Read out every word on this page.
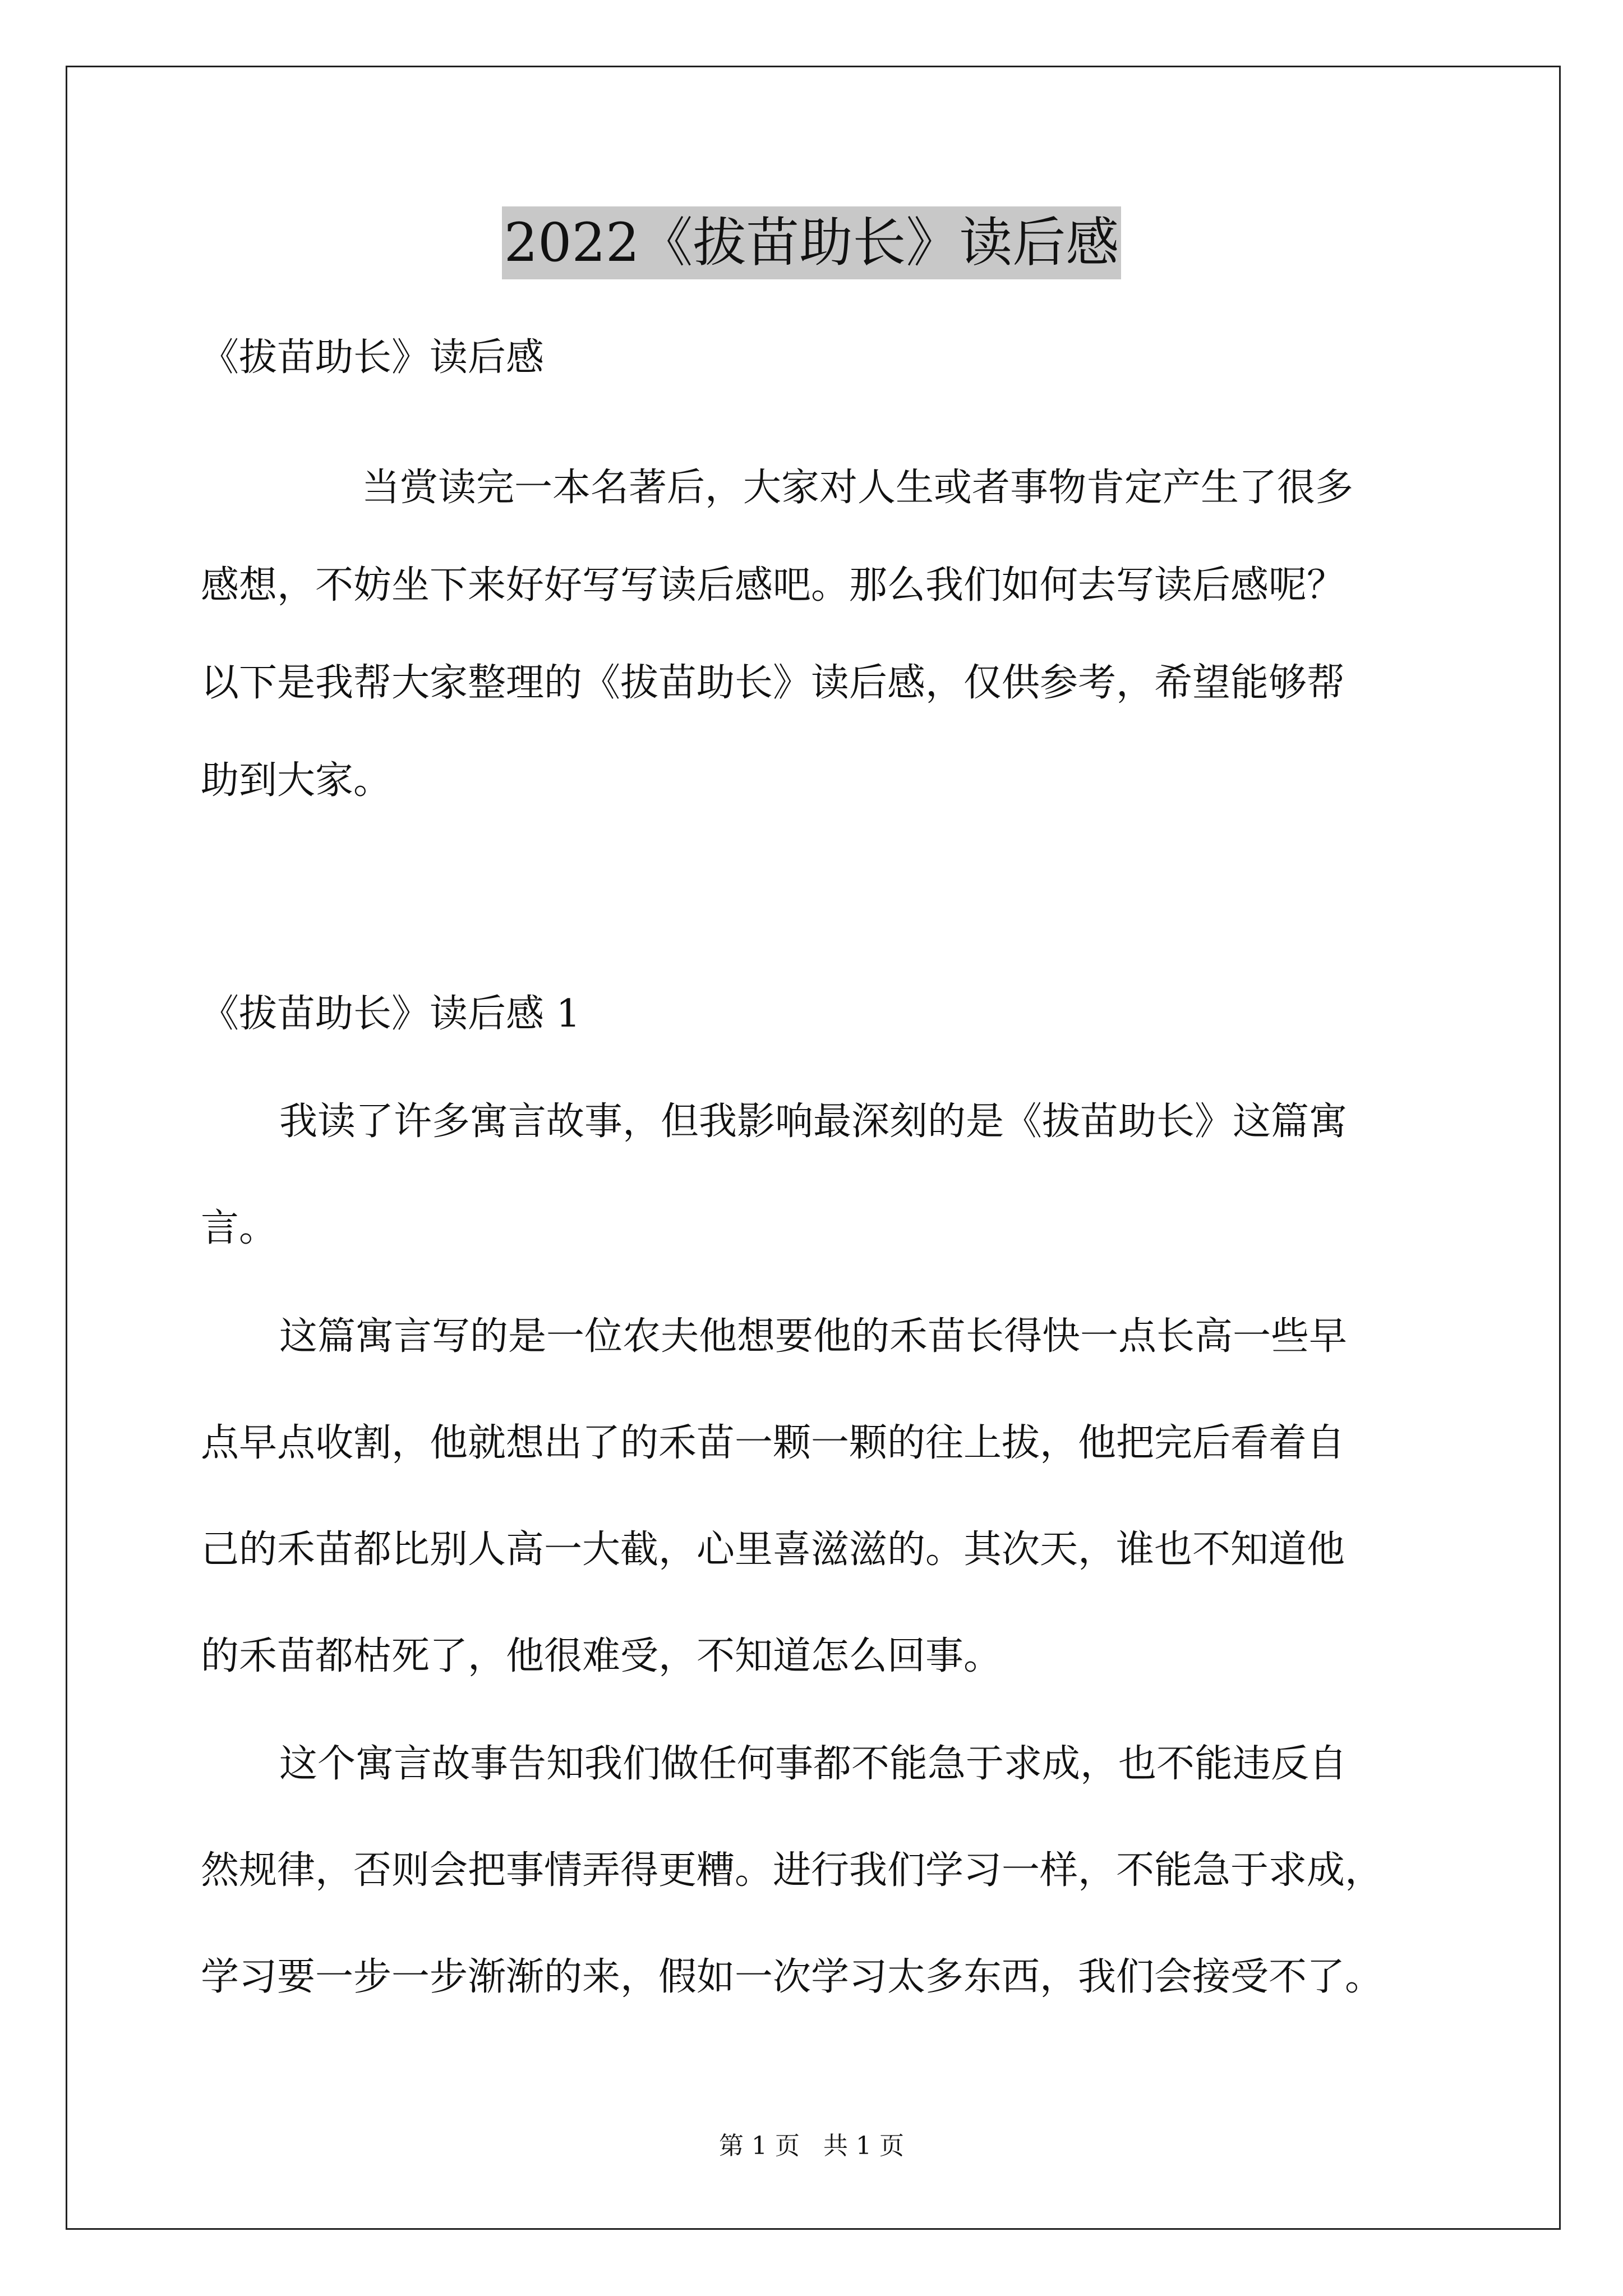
2022《拔苗助长》读后感
《拔苗助长》读后感
当赏读完一本名著后，大家对人生或者事物肯定产生了很多
感想，不妨坐下来好好写写读后感吧。那么我们如何去写读后感呢？
以下是我帮大家整理的《拔苗助长》读后感，仅供参考，希望能够帮
助到大家。
《拔苗助长》读后感 1
我读了许多寓言故事，但我影响最深刻的是《拔苗助长》这篇寓
言。
这篇寓言写的是一位农夫他想要他的禾苗长得快一点长高一些早
点早点收割，他就想出了的禾苗一颗一颗的往上拔，他把完后看着自
己的禾苗都比别人高一大截，心里喜滋滋的。其次天，谁也不知道他
的禾苗都枯死了，他很难受，不知道怎么回事。
这个寓言故事告知我们做任何事都不能急于求成，也不能违反自
然规律，否则会把事情弄得更糟。进行我们学习一样，不能急于求成，
学习要一步一步渐渐的来，假如一次学习太多东西，我们会接受不了。
第 1 页   共 1 页
